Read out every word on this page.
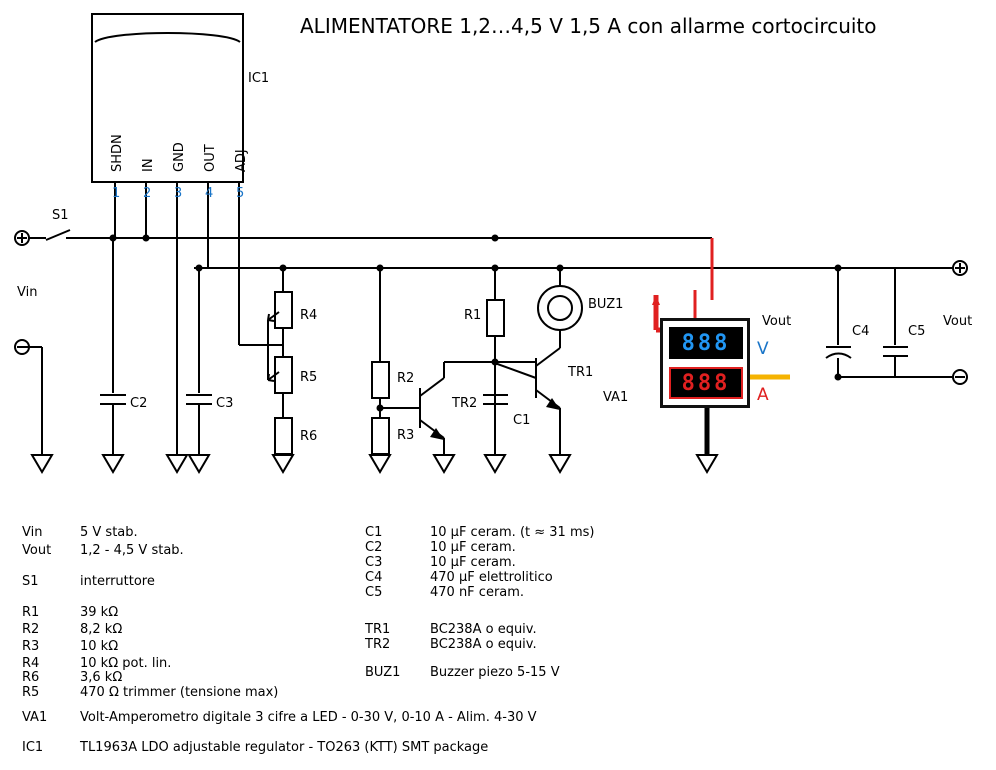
ALIMENTATORE 1,2…4,5 V 1,5 A con allarme cortocircuito
IC1
SHDN IN GND OUT ADJ
1 2 3 4 5
S1
Vin
Vout	Vout
C2	C3
C1
C4	C5
R1
R2
R3
R4
R5
R6
TR1
TR2
BUZ1
VA1
888
888
V
A
Vin	5 V stab.
Vout 1,2 - 4,5 V stab.
S1	interruttore
R1	39 kΩ
R2	8,2 kΩ
R3	10 kΩ
R4	10 kΩ pot. lin.
R6	3,6 kΩ
R5	470 Ω trimmer (tensione max)
C1	10 µF ceram. (t ≈ 31 ms)
C2	10 µF ceram.
C3	10 µF ceram.
C4	470 µF elettrolitico
C5	470 nF ceram.
TR1	BC238A o equiv.
TR2	BC238A o equiv.
BUZ1 Buzzer piezo 5-15 V
VA1	Volt-Amperometro digitale 3 cifre a LED - 0-30 V, 0-10 A - Alim. 4-30 V
IC1	TL1963A LDO adjustable regulator - TO263 (KTT) SMT package
